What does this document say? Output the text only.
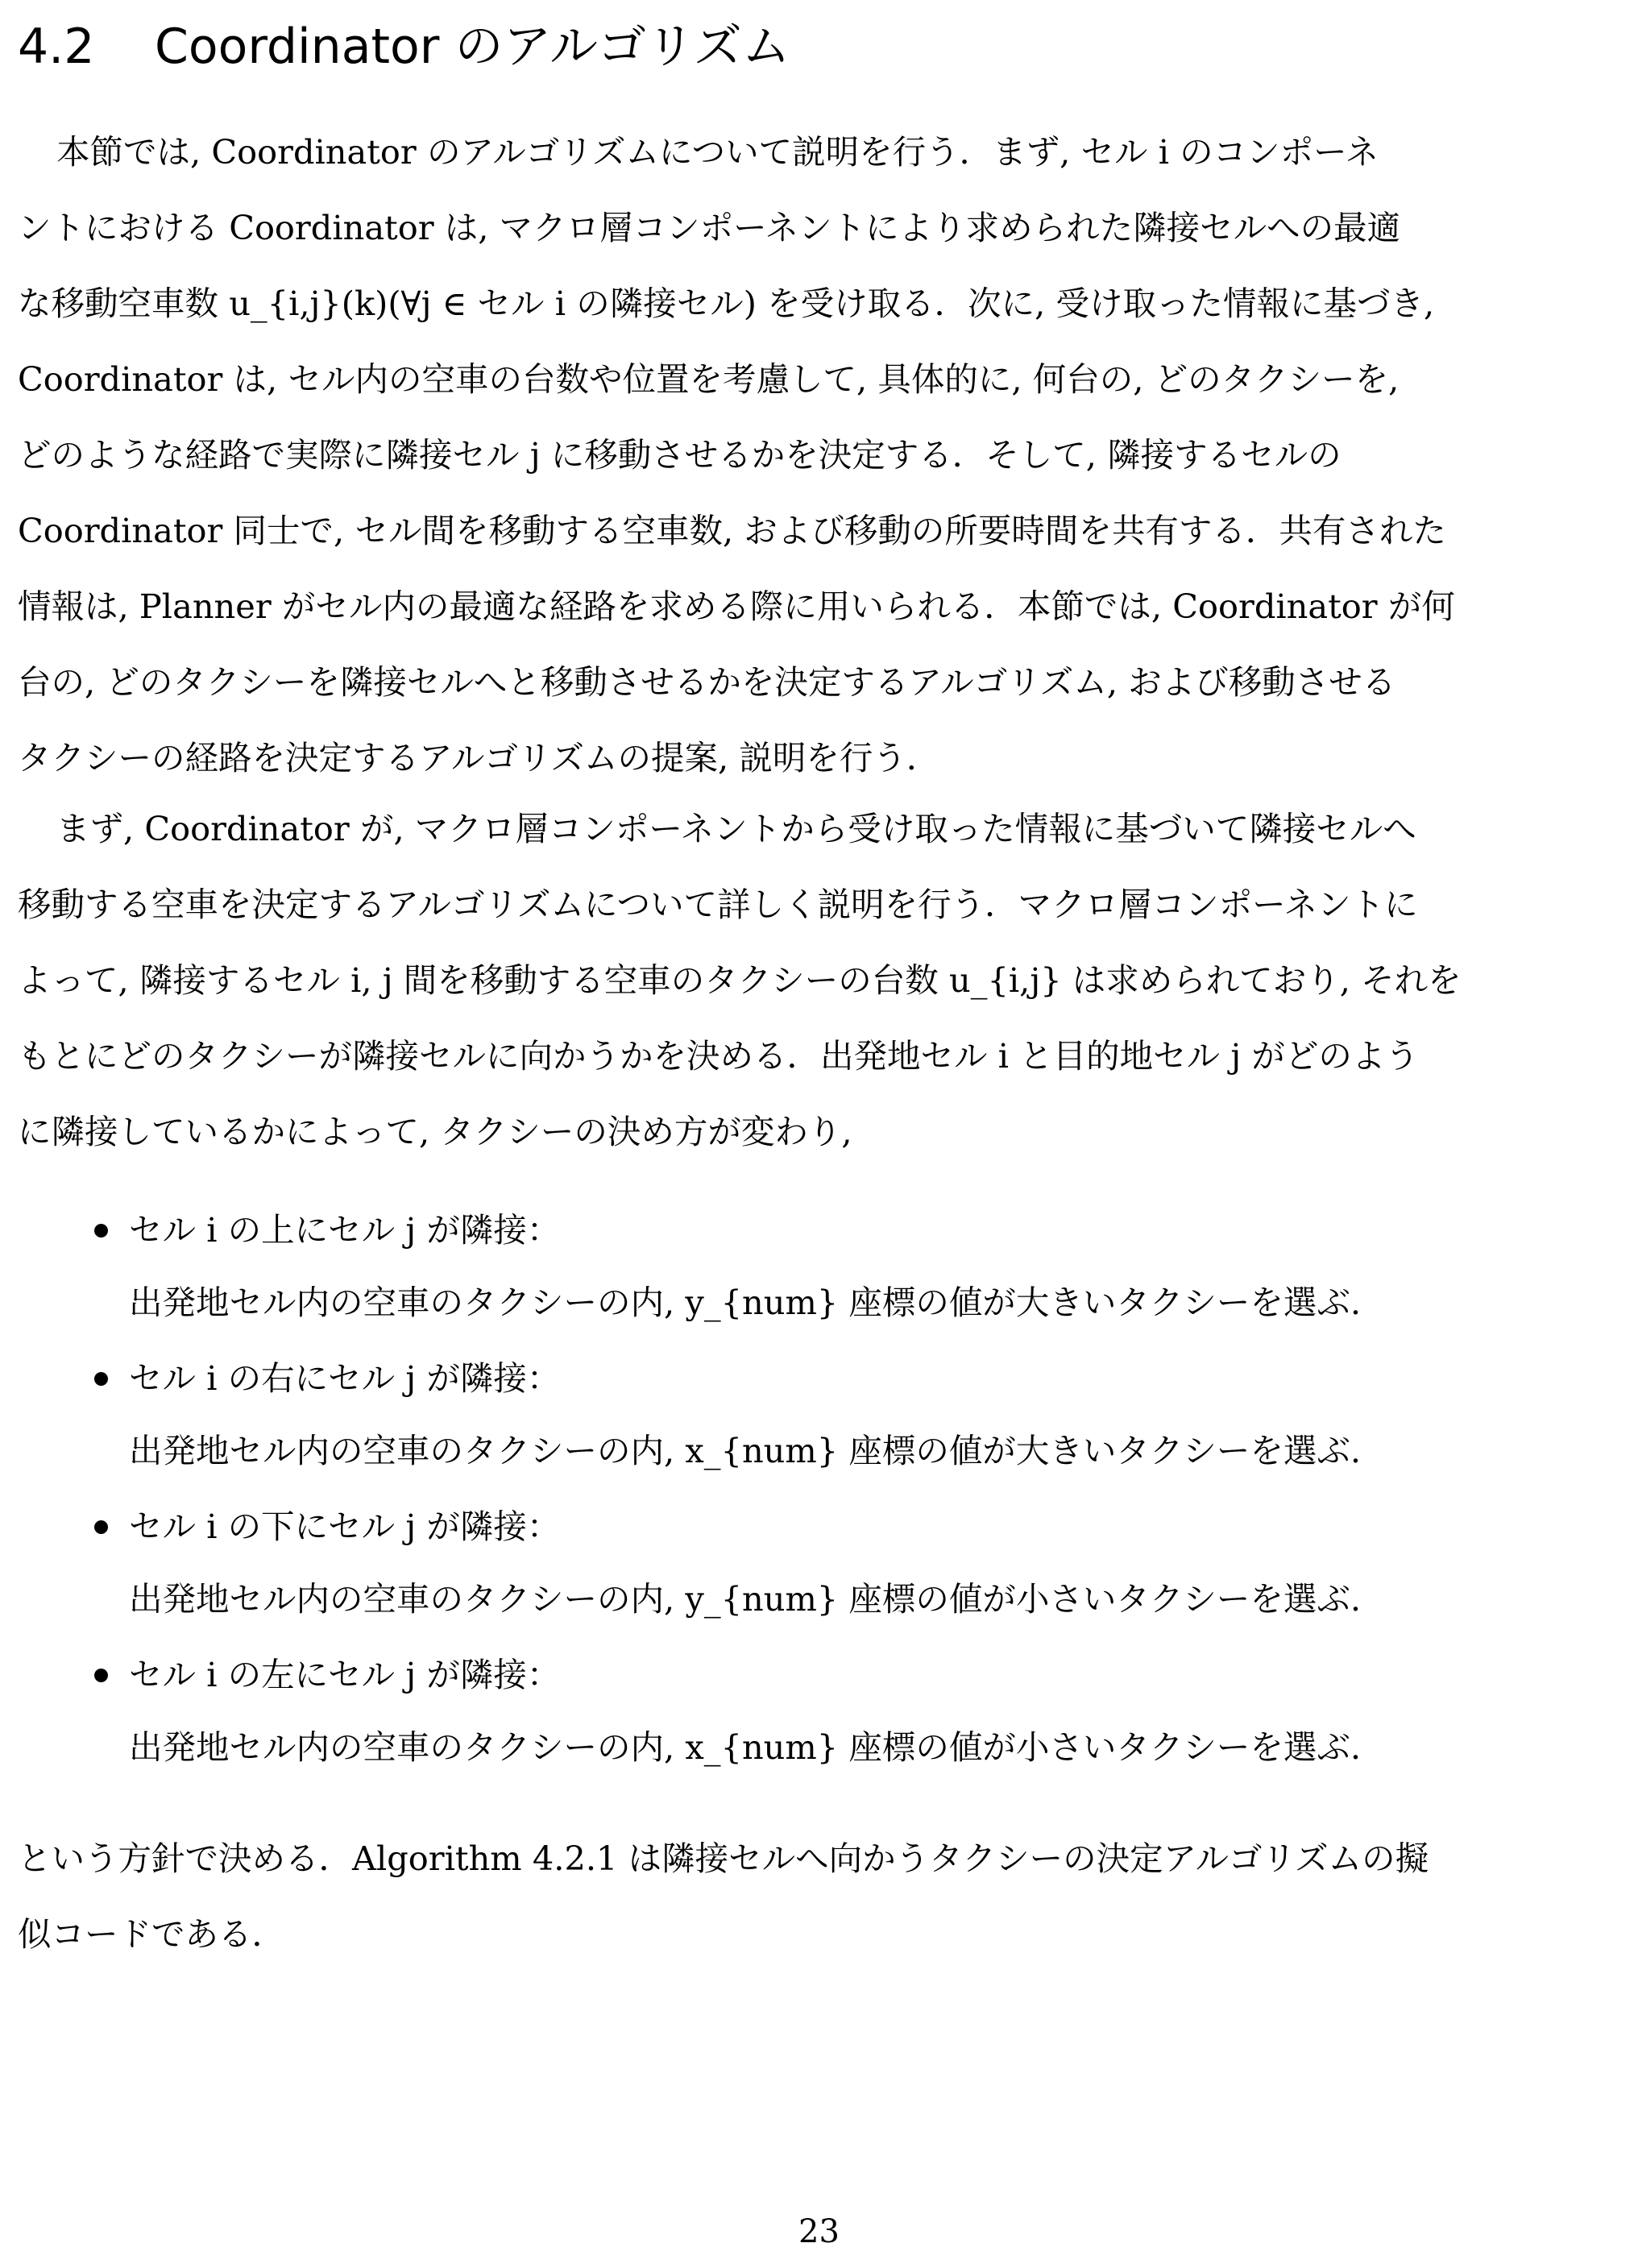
4.2 Coordinator のアルゴリズム
本節では, Coordinator のアルゴリズムについて説明を行う．まず, セル i のコンポーネ
ントにおける Coordinator は, マクロ層コンポーネントにより求められた隣接セルへの最適
な移動空車数 u_{i,j}(k)(∀j ∈ セル i の隣接セル) を受け取る．次に, 受け取った情報に基づき,
Coordinator は, セル内の空車の台数や位置を考慮して, 具体的に, 何台の, どのタクシーを,
どのような経路で実際に隣接セル j に移動させるかを決定する．そして, 隣接するセルの
Coordinator 同士で, セル間を移動する空車数, および移動の所要時間を共有する．共有された
情報は, Planner がセル内の最適な経路を求める際に用いられる．本節では, Coordinator が何
台の, どのタクシーを隣接セルへと移動させるかを決定するアルゴリズム, および移動させる
タクシーの経路を決定するアルゴリズムの提案, 説明を行う．
まず, Coordinator が, マクロ層コンポーネントから受け取った情報に基づいて隣接セルへ
移動する空車を決定するアルゴリズムについて詳しく説明を行う．マクロ層コンポーネントに
よって, 隣接するセル i, j 間を移動する空車のタクシーの台数 u_{i,j} は求められており, それを
もとにどのタクシーが隣接セルに向かうかを決める．出発地セル i と目的地セル j がどのよう
に隣接しているかによって, タクシーの決め方が変わり,
セル i の上にセル j が隣接：
出発地セル内の空車のタクシーの内, y_{num} 座標の値が大きいタクシーを選ぶ.
セル i の右にセル j が隣接：
出発地セル内の空車のタクシーの内, x_{num} 座標の値が大きいタクシーを選ぶ.
セル i の下にセル j が隣接：
出発地セル内の空車のタクシーの内, y_{num} 座標の値が小さいタクシーを選ぶ.
セル i の左にセル j が隣接：
出発地セル内の空車のタクシーの内, x_{num} 座標の値が小さいタクシーを選ぶ.
という方針で決める．Algorithm 4.2.1 は隣接セルへ向かうタクシーの決定アルゴリズムの擬
似コードである．
23
